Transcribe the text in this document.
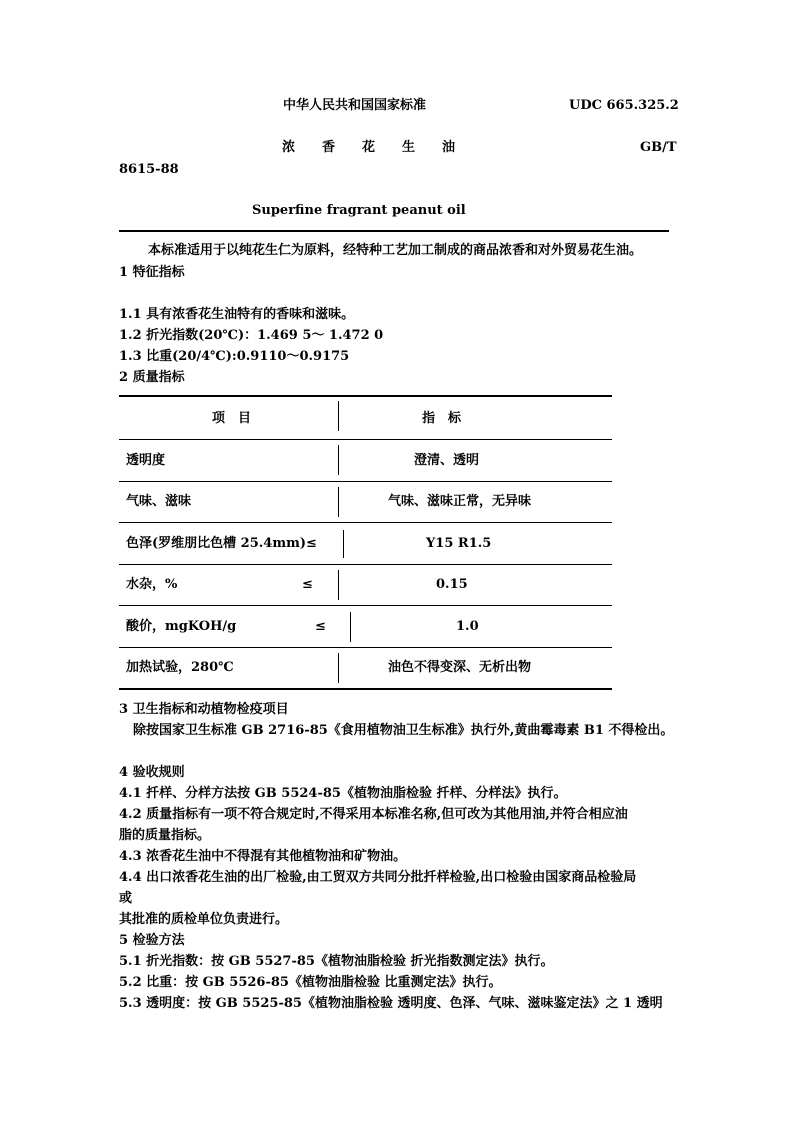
中华人民共和国国家标准	UDC 665.325.2
浓 香 花 生 油	GB/T
8615-88
Superfine fragrant peanut oil
本标准适用于以纯花生仁为原料，经特种工艺加工制成的商品浓香和对外贸易花生油。
1 特征指标
1.1 具有浓香花生油特有的香味和滋味。
1.2 折光指数(20℃)：1.469 5～ 1.472 0
1.3 比重(20/4℃):0.9110～0.9175
2 质量指标
项　目	指　标
透明度	澄清、透明
气味、滋味	气味、滋味正常，无异味
色泽(罗维朋比色槽 25.4mm) ≤	Y15 R1.5
水杂，%	≤	0.15
酸价，mgKOH/g	≤	1.0
加热试验，280℃	油色不得变深、无析出物
3 卫生指标和动植物检疫项目
除按国家卫生标准 GB 2716-85《食用植物油卫生标准》执行外,黄曲霉毒素 B1 不得检出。
4 验收规则
4.1 扦样、分样方法按 GB 5524-85《植物油脂检验 扦样、分样法》执行。
4.2 质量指标有一项不符合规定时,不得采用本标准名称,但可改为其他用油,并符合相应油
脂的质量指标。
4.3 浓香花生油中不得混有其他植物油和矿物油。
4.4 出口浓香花生油的出厂检验,由工贸双方共同分批扦样检验,出口检验由国家商品检验局
或
其批准的质检单位负责进行。
5 检验方法
5.1 折光指数：按 GB 5527-85《植物油脂检验 折光指数测定法》执行。
5.2 比重：按 GB 5526-85《植物油脂检验 比重测定法》执行。
5.3 透明度：按 GB 5525-85《植物油脂检验 透明度、色泽、气味、滋味鉴定法》之 1 透明
